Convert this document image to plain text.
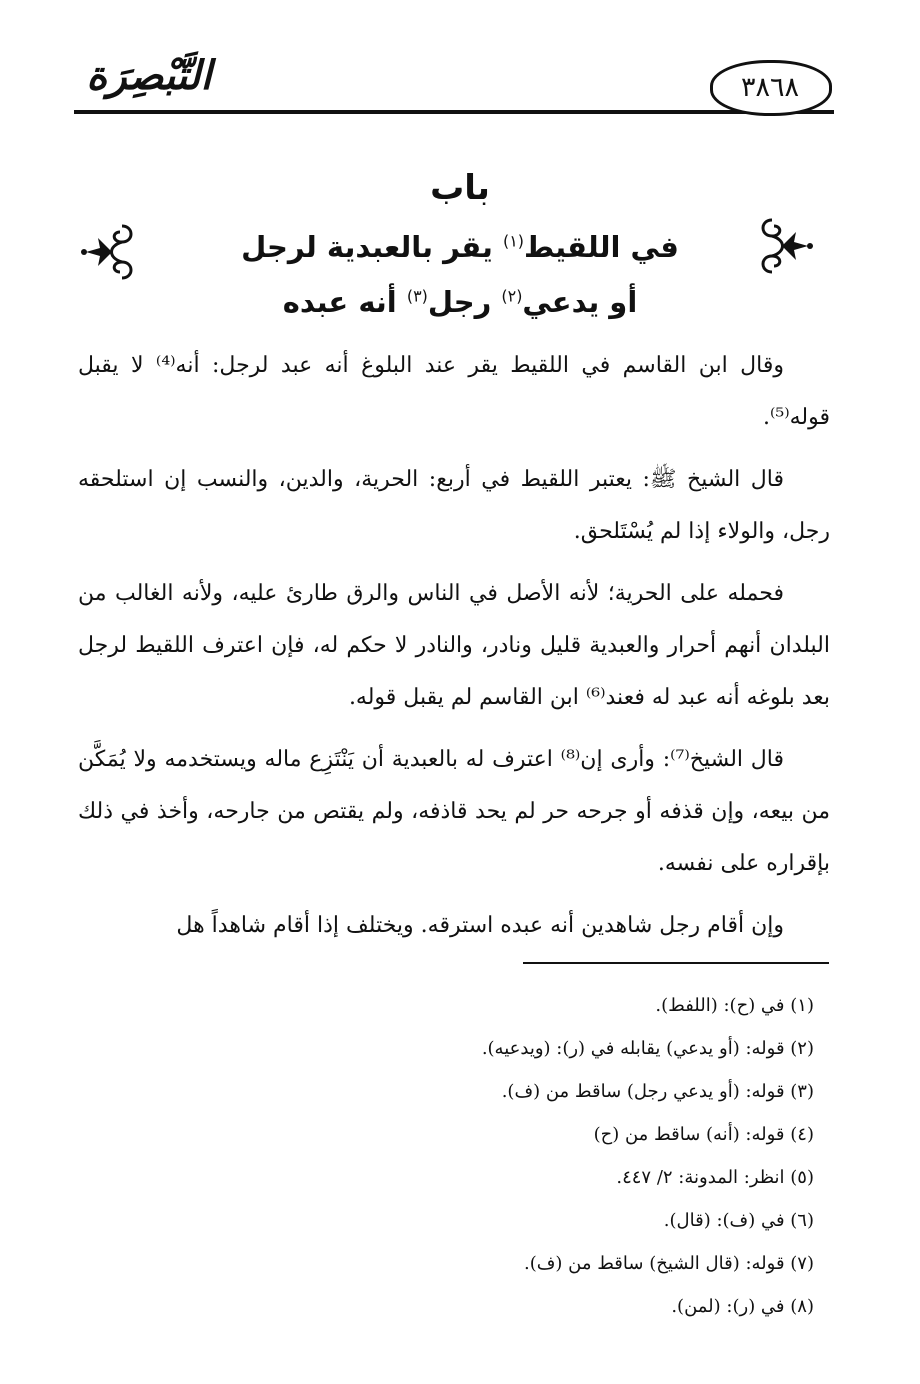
التَّبْصِرَة	٣٨٦٨
باب
في اللقيط$^{(١)}$ يقر بالعبدية لرجل
أو يدعي$^{(٢)}$ رجل$^{(٣)}$ أنه عبده

وقال ابن القاسم في اللقيط يقر عند البلوغ أنه عبد لرجل: أنه⁽⁴⁾ لا يقبل قوله⁽⁵⁾.

قال الشيخ ﷺ: يعتبر اللقيط في أربع: الحرية، والدين، والنسب إن استلحقه رجل، والولاء إذا لم يُسْتَلحق.

فحمله على الحرية؛ لأنه الأصل في الناس والرق طارئ عليه، ولأنه الغالب من البلدان أنهم أحرار والعبدية قليل ونادر، والنادر لا حكم له، فإن اعترف اللقيط لرجل بعد بلوغه أنه عبد له فعند⁽⁶⁾ ابن القاسم لم يقبل قوله.

قال الشيخ⁽⁷⁾: وأرى إن⁽⁸⁾ اعترف له بالعبدية أن يَنْتَزِع ماله ويستخدمه ولا يُمَكَّن من بيعه، وإن قذفه أو جرحه حر لم يحد قاذفه، ولم يقتص من جارحه، وأخذ في ذلك بإقراره على نفسه.

وإن أقام رجل شاهدين أنه عبده استرقه. ويختلف إذا أقام شاهداً هل

(١) في (ح): (اللفط).

(٢) قوله: (أو يدعي) يقابله في (ر): (ويدعيه).

(٣) قوله: (أو يدعي رجل) ساقط من (ف).

(٤) قوله: (أنه) ساقط من (ح)

(٥) انظر: المدونة: ٢/ ٤٤٧.

(٦) في (ف): (قال).

(٧) قوله: (قال الشيخ) ساقط من (ف).

(٨) في (ر): (لمن).
